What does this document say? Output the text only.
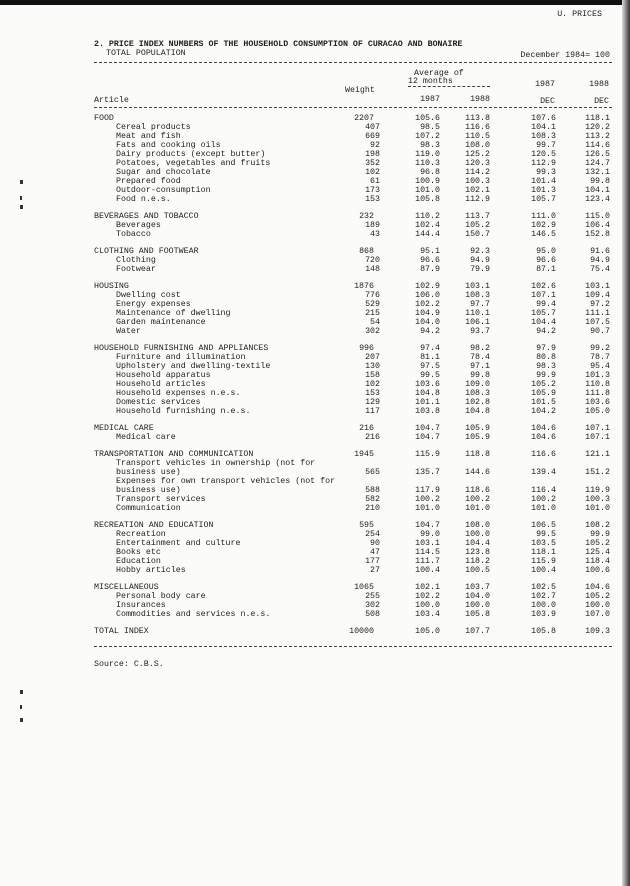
U. PRICES
2. PRICE INDEX NUMBERS OF THE HOUSEHOLD CONSUMPTION OF CURACAO AND BONAIRE
TOTAL POPULATION	December 1984= 100
Average of
12 months	1987	1988
Weight
Article	1987	1988	DEC	DEC
FOOD	2207	105.6	113.8	107.6	118.1
Cereal products	407	98.5	116.6	104.1	120.2
Meat and fish	669	107.2	110.5	108.3	113.2
Fats and cooking oils	92	98.3	108.0	99.7	114.6
Dairy products (except butter)	198	119.0	125.2	120.5	126.5
Potatoes, vegetables and fruits	352	110.3	120.3	112.9	124.7
Sugar and chocolate	102	96.8	114.2	99.3	132.1
Prepared food	61	100.9	100.3	101.4	99.8
Outdoor-consumption	173	101.0	102.1	101.3	104.1
Food n.e.s.	153	105.8	112.9	105.7	123.4
BEVERAGES AND TOBACCO	232	110.2	113.7	111.0	115.0
Beverages	189	102.4	105.2	102.9	106.4
Tobacco	43	144.4	150.7	146.5	152.8
CLOTHING AND FOOTWEAR	868	95.1	92.3	95.0	91.6
Clothing	720	96.6	94.9	96.6	94.9
Footwear	148	87.9	79.9	87.1	75.4
HOUSING	1876	102.9	103.1	102.6	103.1
Dwelling cost	776	106.0	108.3	107.1	109.4
Energy expenses	529	102.2	97.7	99.4	97.2
Maintenance of dwelling	215	104.9	110.1	105.7	111.1
Garden maintenance	54	104.0	106.1	104.4	107.5
Water	302	94.2	93.7	94.2	90.7
HOUSEHOLD FURNISHING AND APPLIANCES	996	97.4	98.2	97.9	99.2
Furniture and illumination	207	81.1	78.4	80.8	78.7
Upholstery and dwelling-textile	130	97.5	97.1	98.3	95.4
Household apparatus	158	99.5	99.8	99.9	101.3
Household articles	102	103.6	109.0	105.2	110.8
Household expenses n.e.s.	153	104.8	108.3	105.9	111.8
Domestic services	129	101.1	102.8	101.5	103.6
Household furnishing n.e.s.	117	103.8	104.8	104.2	105.0
MEDICAL CARE	216	104.7	105.9	104.6	107.1
Medical care	216	104.7	105.9	104.6	107.1
TRANSPORTATION AND COMMUNICATION	1945	115.9	118.8	116.6	121.1
Transport vehicles in ownership (not for
business use)	565	135.7	144.6	139.4	151.2
Expenses for own transport vehicles (not for
business use)	588	117.9	118.6	116.4	119.9
Transport services	582	100.2	100.2	100.2	100.3
Communication	210	101.0	101.0	101.0	101.0
RECREATION AND EDUCATION	595	104.7	108.0	106.5	108.2
Recreation	254	99.0	100.0	99.5	99.9
Entertainment and culture	90	103.1	104.4	103.5	105.2
Books etc	47	114.5	123.8	118.1	125.4
Education	177	111.7	118.2	115.9	118.4
Hobby articles	27	100.4	100.5	100.4	100.6
MISCELLANEOUS	1065	102.1	103.7	102.5	104.6
Personal body care	255	102.2	104.0	102.7	105.2
Insurances	302	100.0	100.0	100.0	100.0
Commodities and services n.e.s.	508	103.4	105.8	103.9	107.0
TOTAL INDEX	10000	105.0	107.7	105.8	109.3
Source: C.B.S.
